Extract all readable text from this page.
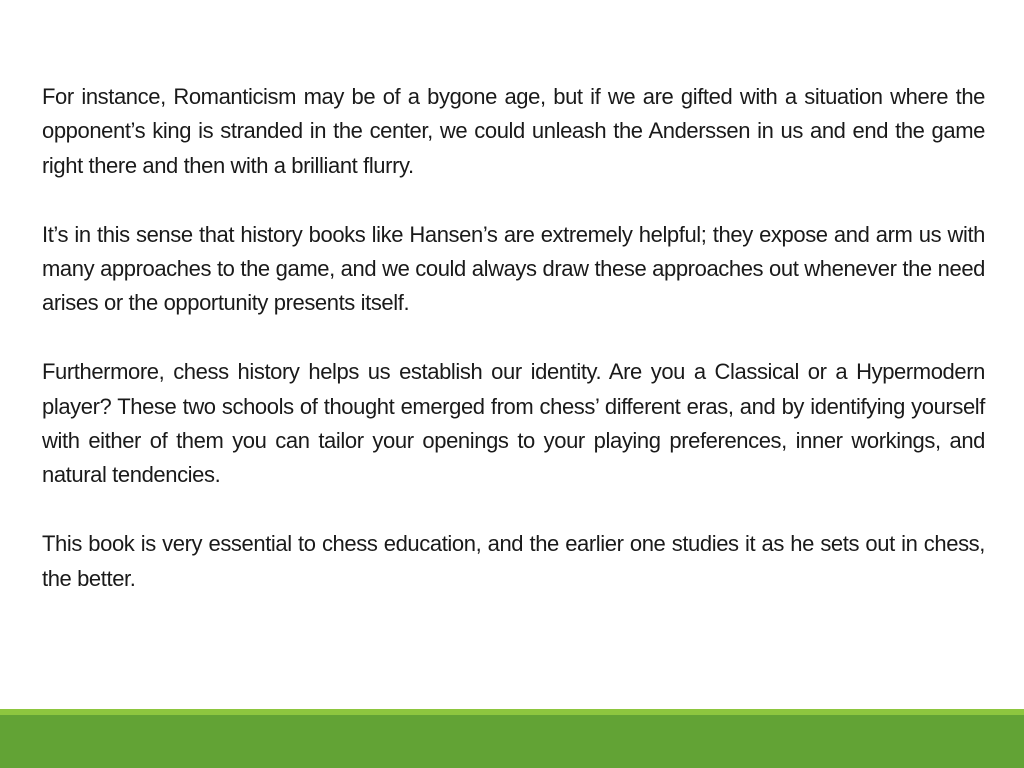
For instance, Romanticism may be of a bygone age, but if we are gifted with a situation where the opponent’s king is stranded in the center, we could unleash the Anderssen in us and end the game right there and then with a brilliant flurry.

It’s in this sense that history books like Hansen’s are extremely helpful; they expose and arm us with many approaches to the game, and we could always draw these approaches out whenever the need arises or the opportunity presents itself.

Furthermore, chess history helps us establish our identity. Are you a Classical or a Hypermodern player? These two schools of thought emerged from chess’ different eras, and by identifying yourself with either of them you can tailor your openings to your playing preferences, inner workings, and natural tendencies.

This book is very essential to chess education, and the earlier one studies it as he sets out in chess, the better.
